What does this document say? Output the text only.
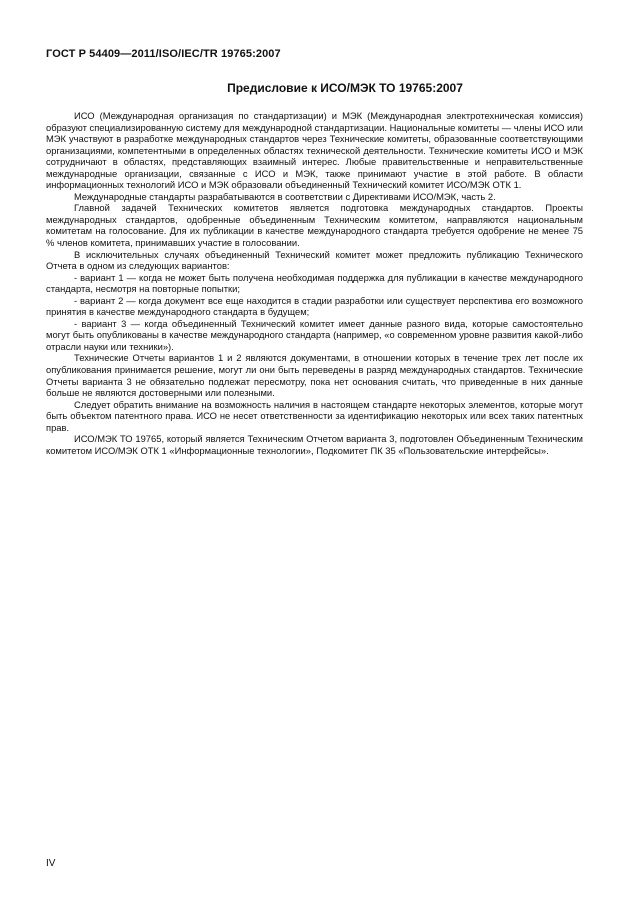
ГОСТ Р 54409—2011/ISO/IEC/TR 19765:2007
Предисловие к ИСО/МЭК ТО 19765:2007

ИСО (Международная организация по стандартизации) и МЭК (Международная электротехническая комиссия) образуют специализированную систему для международной стандартизации. Национальные комитеты — члены ИСО или МЭК участвуют в разработке международных стандартов через Технические комитеты, образованные соответствующими организациями, компетентными в определенных областях технической деятельности. Технические комитеты ИСО и МЭК сотрудничают в областях, представляющих взаимный интерес. Любые правительственные и неправительственные международные организации, связанные с ИСО и МЭК, также принимают участие в этой работе. В области информационных технологий ИСО и МЭК образовали объединенный Технический комитет ИСО/МЭК ОТК 1.

Международные стандарты разрабатываются в соответствии с Директивами ИСО/МЭК, часть 2.

Главной задачей Технических комитетов является подготовка международных стандартов. Проекты международных стандартов, одобренные объединенным Техническим комитетом, направляются национальным комитетам на голосование. Для их публикации в качестве международного стандарта требуется одобрение не менее 75 % членов комитета, принимавших участие в голосовании.

В исключительных случаях объединенный Технический комитет может предложить публикацию Технического Отчета в одном из следующих вариантов:

- вариант 1 — когда не может быть получена необходимая поддержка для публикации в качестве международного стандарта, несмотря на повторные попытки;

- вариант 2 — когда документ все еще находится в стадии разработки или существует перспектива его возможного принятия в качестве международного стандарта в будущем;

- вариант 3 — когда объединенный Технический комитет имеет данные разного вида, которые самостоятельно могут быть опубликованы в качестве международного стандарта (например, «о современном уровне развития какой-либо отрасли науки или техники»).

Технические Отчеты вариантов 1 и 2 являются документами, в отношении которых в течение трех лет после их опубликования принимается решение, могут ли они быть переведены в разряд международных стандартов. Технические Отчеты варианта 3 не обязательно подлежат пересмотру, пока нет основания считать, что приведенные в них данные больше не являются достоверными или полезными.

Следует обратить внимание на возможность наличия в настоящем стандарте некоторых элементов, которые могут быть объектом патентного права. ИСО не несет ответственности за идентификацию некоторых или всех таких патентных прав.

ИСО/МЭК ТО 19765, который является Техническим Отчетом варианта 3, подготовлен Объединенным Техническим комитетом ИСО/МЭК ОТК 1 «Информационные технологии», Подкомитет ПК 35 «Пользовательские интерфейсы».

IV
